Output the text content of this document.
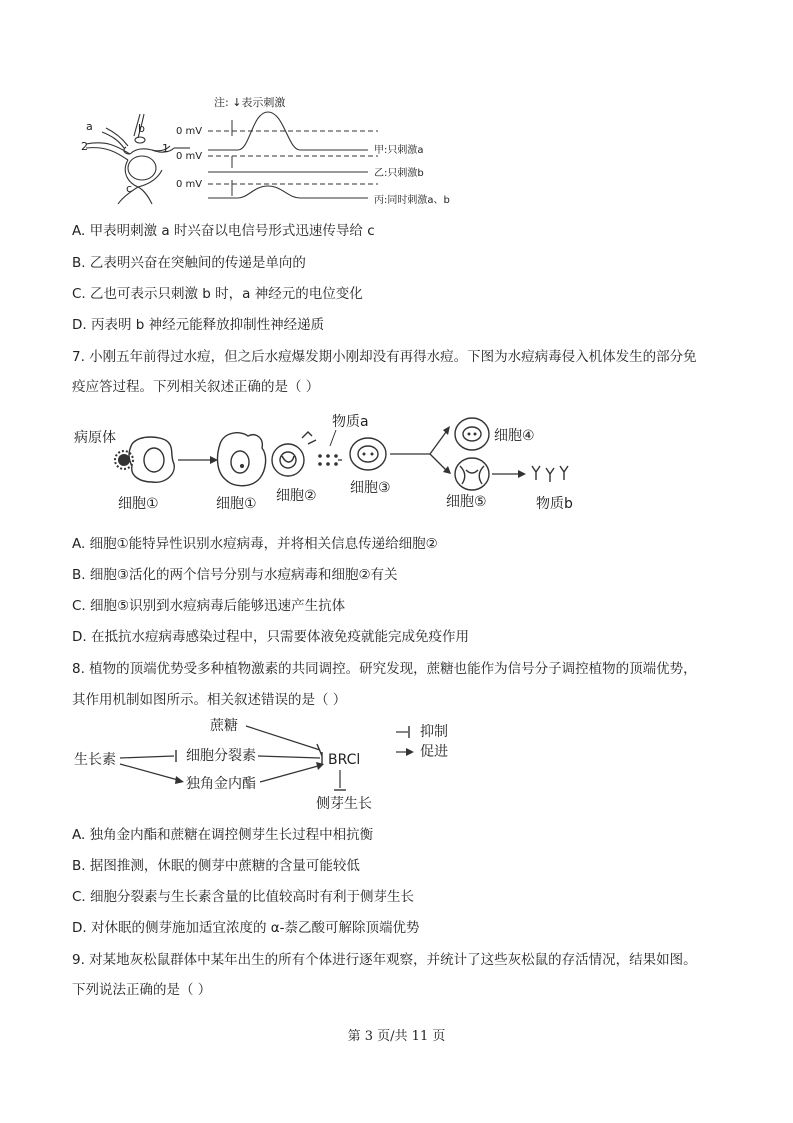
a
2
b
1
c
注: ↓表示刺激
0 mV
甲:只刺激a
0 mV
乙:只刺激b
0 mV
丙:同时刺激a、b
A. 甲表明刺激 a 时兴奋以电信号形式迅速传导给 c
B. 乙表明兴奋在突触间的传递是单向的
C. 乙也可表示只刺激 b 时，a 神经元的电位变化
D. 丙表明 b 神经元能释放抑制性神经递质
7. 小刚五年前得过水痘，但之后水痘爆发期小刚却没有再得水痘。下图为水痘病毒侵入机体发生的部分免
疫应答过程。下列相关叙述正确的是（ ）
病原体
细胞①	细胞① 细胞②
物质a
细胞③
细胞④
细胞⑤	物质b
A. 细胞①能特异性识别水痘病毒，并将相关信息传递给细胞②
B. 细胞③活化的两个信号分别与水痘病毒和细胞②有关
C. 细胞⑤识别到水痘病毒后能够迅速产生抗体
D. 在抵抗水痘病毒感染过程中，只需要体液免疫就能完成免疫作用
8. 植物的顶端优势受多种植物激素的共同调控。研究发现，蔗糖也能作为信号分子调控植物的顶端优势，
其作用机制如图所示。相关叙述错误的是（ ）
蔗糖
生长素	细胞分裂素
独角金内酯
BRCl
侧芽生长
抑制
促进
A. 独角金内酯和蔗糖在调控侧芽生长过程中相抗衡
B. 据图推测，休眠的侧芽中蔗糖的含量可能较低
C. 细胞分裂素与生长素含量的比值较高时有利于侧芽生长
D. 对休眠的侧芽施加适宜浓度的 α-萘乙酸可解除顶端优势
9. 对某地灰松鼠群体中某年出生的所有个体进行逐年观察，并统计了这些灰松鼠的存活情况，结果如图。
下列说法正确的是（ ）
第 3 页/共 11 页
